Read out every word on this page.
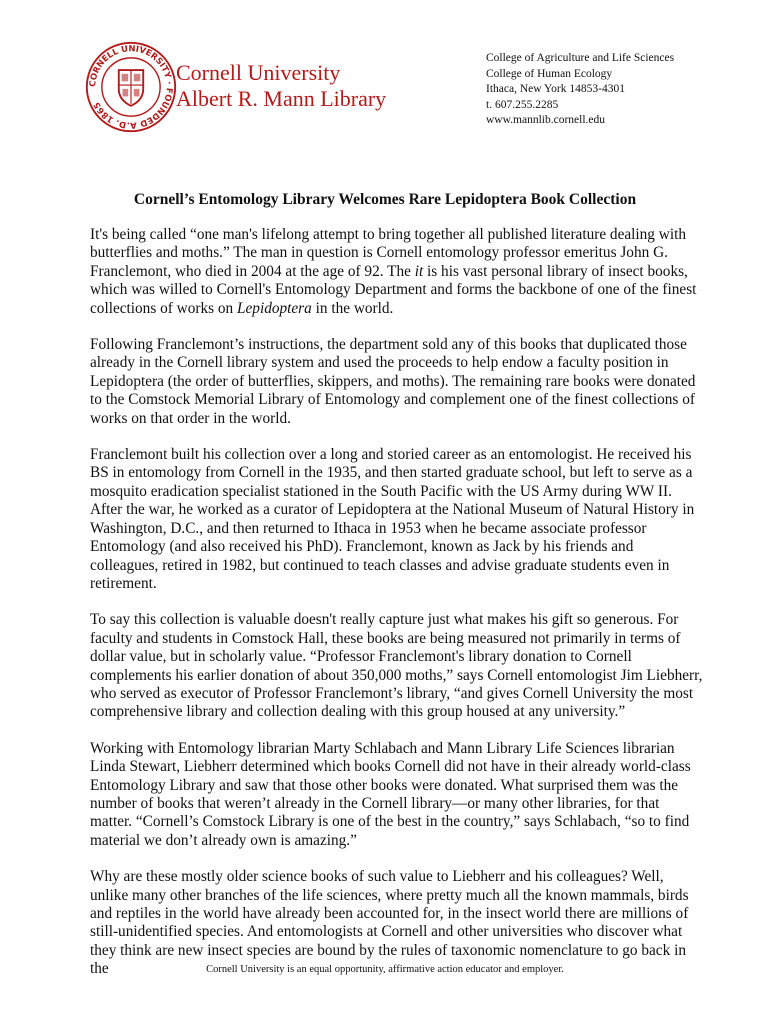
CORNELL UNIVERSITY · FOUNDED A.D. 1865
Cornell University
Albert R. Mann Library
College of Agriculture and Life Sciences
College of Human Ecology
Ithaca, New York 14853-4301
t. 607.255.2285
www.mannlib.cornell.edu
Cornell’s Entomology Library Welcomes Rare Lepidoptera Book Collection

It's being called “one man's lifelong attempt to bring together all published literature dealing with butterflies and moths.” The man in question is Cornell entomology professor emeritus John G. Franclemont, who died in 2004 at the age of 92. The it is his vast personal library of insect books, which was willed to Cornell's Entomology Department and forms the backbone of one of the finest collections of works on Lepidoptera in the world.

Following Franclemont’s instructions, the department sold any of this books that duplicated those already in the Cornell library system and used the proceeds to help endow a faculty position in Lepidoptera (the order of butterflies, skippers, and moths). The remaining rare books were donated to the Comstock Memorial Library of Entomology and complement one of the finest collections of works on that order in the world.

Franclemont built his collection over a long and storied career as an entomologist. He received his BS in entomology from Cornell in the 1935, and then started graduate school, but left to serve as a mosquito eradication specialist stationed in the South Pacific with the US Army during WW II. After the war, he worked as a curator of Lepidoptera at the National Museum of Natural History in Washington, D.C., and then returned to Ithaca in 1953 when he became associate professor Entomology (and also received his PhD). Franclemont, known as Jack by his friends and colleagues, retired in 1982, but continued to teach classes and advise graduate students even in retirement.

To say this collection is valuable doesn't really capture just what makes his gift so generous. For faculty and students in Comstock Hall, these books are being measured not primarily in terms of dollar value, but in scholarly value. “Professor Franclemont's library donation to Cornell complements his earlier donation of about 350,000 moths,” says Cornell entomologist Jim Liebherr, who served as executor of Professor Franclemont’s library, “and gives Cornell University the most comprehensive library and collection dealing with this group housed at any university.”

Working with Entomology librarian Marty Schlabach and Mann Library Life Sciences librarian Linda Stewart, Liebherr determined which books Cornell did not have in their already world-class Entomology Library and saw that those other books were donated. What surprised them was the number of books that weren’t already in the Cornell library—or many other libraries, for that matter. “Cornell’s Comstock Library is one of the best in the country,” says Schlabach, “so to find material we don’t already own is amazing.”

Why are these mostly older science books of such value to Liebherr and his colleagues? Well, unlike many other branches of the life sciences, where pretty much all the known mammals, birds and reptiles in the world have already been accounted for, in the insect world there are millions of still-unidentified species. And entomologists at Cornell and other universities who discover what they think are new insect species are bound by the rules of taxonomic nomenclature to go back in the	Cornell University is an equal opportunity, affirmative action educator and employer.
